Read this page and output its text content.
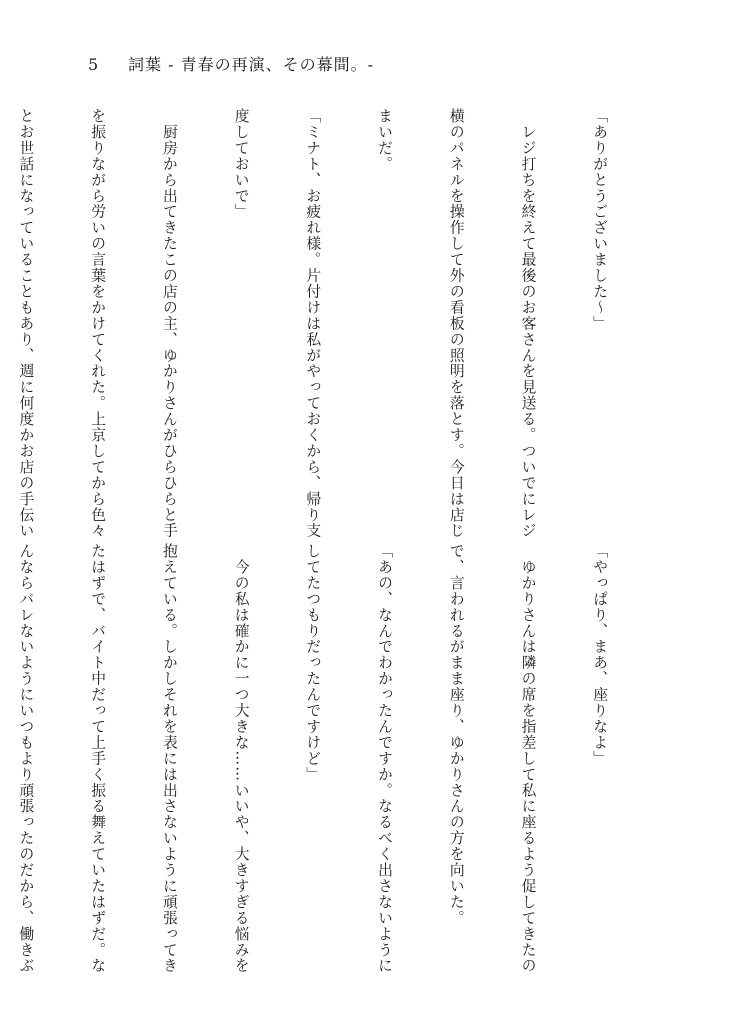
5 詞葉 - 青春の再演、その幕間。-

「ありがとうございました〜」

　レジ打ちを終えて最後のお客さんを見送る。ついでにレジ

横のパネルを操作して外の看板の照明を落とす。今日は店じ

まいだ。

「ミナト、お疲れ様。片付けは私がやっておくから、帰り支

度しておいで」

　厨房から出てきたこの店の主、ゆかりさんがひらひらと手

を振りながら労いの言葉をかけてくれた。上京してから色々

とお世話になっていることもあり、週に何度かお店の手伝い

「やっぱり、まあ、座りなよ」

　ゆかりさんは隣の席を指差して私に座るよう促してきたの

で、言われるがまま座り、ゆかりさんの方を向いた。

「あの、なんでわかったんですか。なるべく出さないように

してたつもりだったんですけど」

　今の私は確かに一つ大きな……いいや、大きすぎる悩みを

抱えている。しかしそれを表には出さないように頑張ってき

たはずで、バイト中だって上手く振る舞えていたはずだ。な

んならバレないようにいつもより頑張ったのだから、働きぶ
